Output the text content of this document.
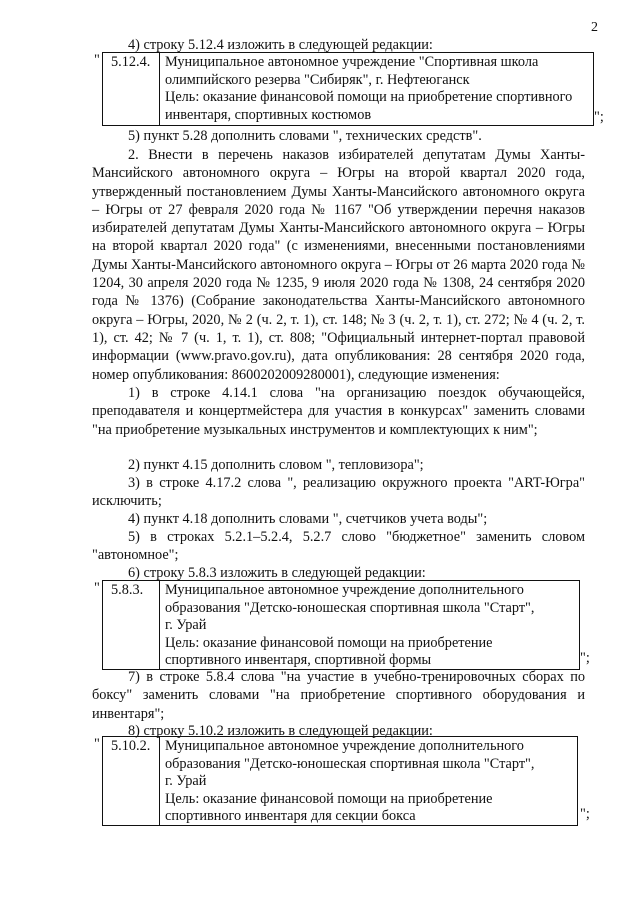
2
4) строку 5.12.4 изложить в следующей редакции:
" 5.12.4.	Муниципальное автономное учреждение "Спортивная школа
олимпийского резерва "Сибиряк", г. Нефтеюганск
Цель: оказание финансовой помощи на приобретение спортивного
инвентаря, спортивных костюмов	";
5) пункт 5.28 дополнить словами ", технических средств".
2. Внести в перечень наказов избирателей депутатам Думы Ханты-Мансийского автономного округа – Югры на второй квартал 2020 года, утвержденный постановлением Думы Ханты-Мансийского автономного округа – Югры от 27 февраля 2020 года № 1167 "Об утверждении перечня наказов избирателей депутатам Думы Ханты-Мансийского автономного округа – Югры на второй квартал 2020 года" (с изменениями, внесенными постановлениями Думы Ханты-Мансийского автономного округа – Югры от 26 марта 2020 года № 1204, 30 апреля 2020 года № 1235, 9 июля 2020 года № 1308, 24 сентября 2020 года № 1376) (Собрание законодательства Ханты-Мансийского автономного округа – Югры, 2020, № 2 (ч. 2, т. 1), ст. 148; № 3 (ч. 2, т. 1), ст. 272; № 4 (ч. 2, т. 1), ст. 42; № 7 (ч. 1, т. 1), ст. 808; "Официальный интернет-портал правовой информации (www.pravo.gov.ru), дата опубликования: 28 сентября 2020 года, номер опубликования: 8600202009280001), следующие изменения:
1) в строке 4.14.1 слова "на организацию поездок обучающейся, преподавателя и концертмейстера для участия в конкурсах" заменить словами "на приобретение музыкальных инструментов и комплектующих к ним";
2) пункт 4.15 дополнить словом ", тепловизора";
3) в строке 4.17.2 слова ", реализацию окружного проекта "АRT-Югра" исключить;
4) пункт 4.18 дополнить словами ", счетчиков учета воды";
5) в строках 5.2.1–5.2.4, 5.2.7 слово "бюджетное" заменить словом "автономное";
6) строку 5.8.3 изложить в следующей редакции:
" 5.8.3.	Муниципальное автономное учреждение дополнительного
образования "Детско-юношеская спортивная школа "Старт",
г. Урай
Цель: оказание финансовой помощи на приобретение
спортивного инвентаря, спортивной формы	";
7) в строке 5.8.4 слова "на участие в учебно-тренировочных сборах по боксу" заменить словами "на приобретение спортивного оборудования и инвентаря";
8) строку 5.10.2 изложить в следующей редакции:
" 5.10.2.	Муниципальное автономное учреждение дополнительного
образования "Детско-юношеская спортивная школа "Старт",
г. Урай
Цель: оказание финансовой помощи на приобретение
спортивного инвентаря для секции бокса	";
